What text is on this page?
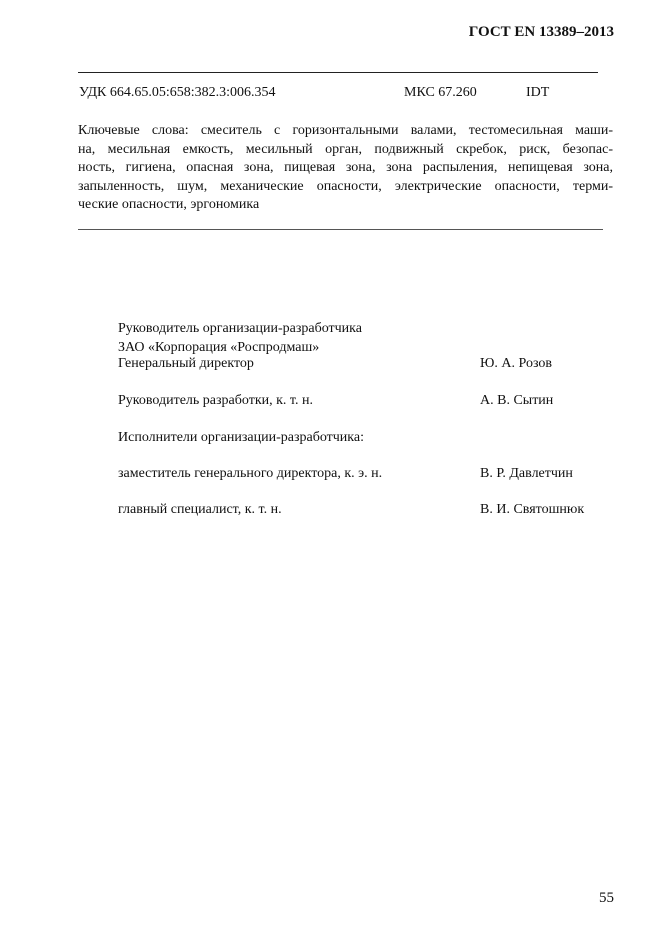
ГОСТ EN 13389–2013
УДК 664.65.05:658:382.3:006.354	МКС 67.260	IDT
Ключевые слова: смеситель с горизонтальными валами, тестомесильная маши-
на, месильная емкость, месильный орган, подвижный скребок, риск, безопас-
ность, гигиена, опасная зона, пищевая зона, зона распыления, непищевая зона,
запыленность, шум, механические опасности, электрические опасности, терми-
ческие опасности, эргономика
Руководитель организации-разработчика
ЗАО «Корпорация «Роспродмаш»
Генеральный директор	Ю. А. Розов
Руководитель разработки, к. т. н.	А. В. Сытин
Исполнители организации-разработчика:
заместитель генерального директора, к. э. н.	В. Р. Давлетчин
главный специалист, к. т. н.	В. И. Святошнюк
55
